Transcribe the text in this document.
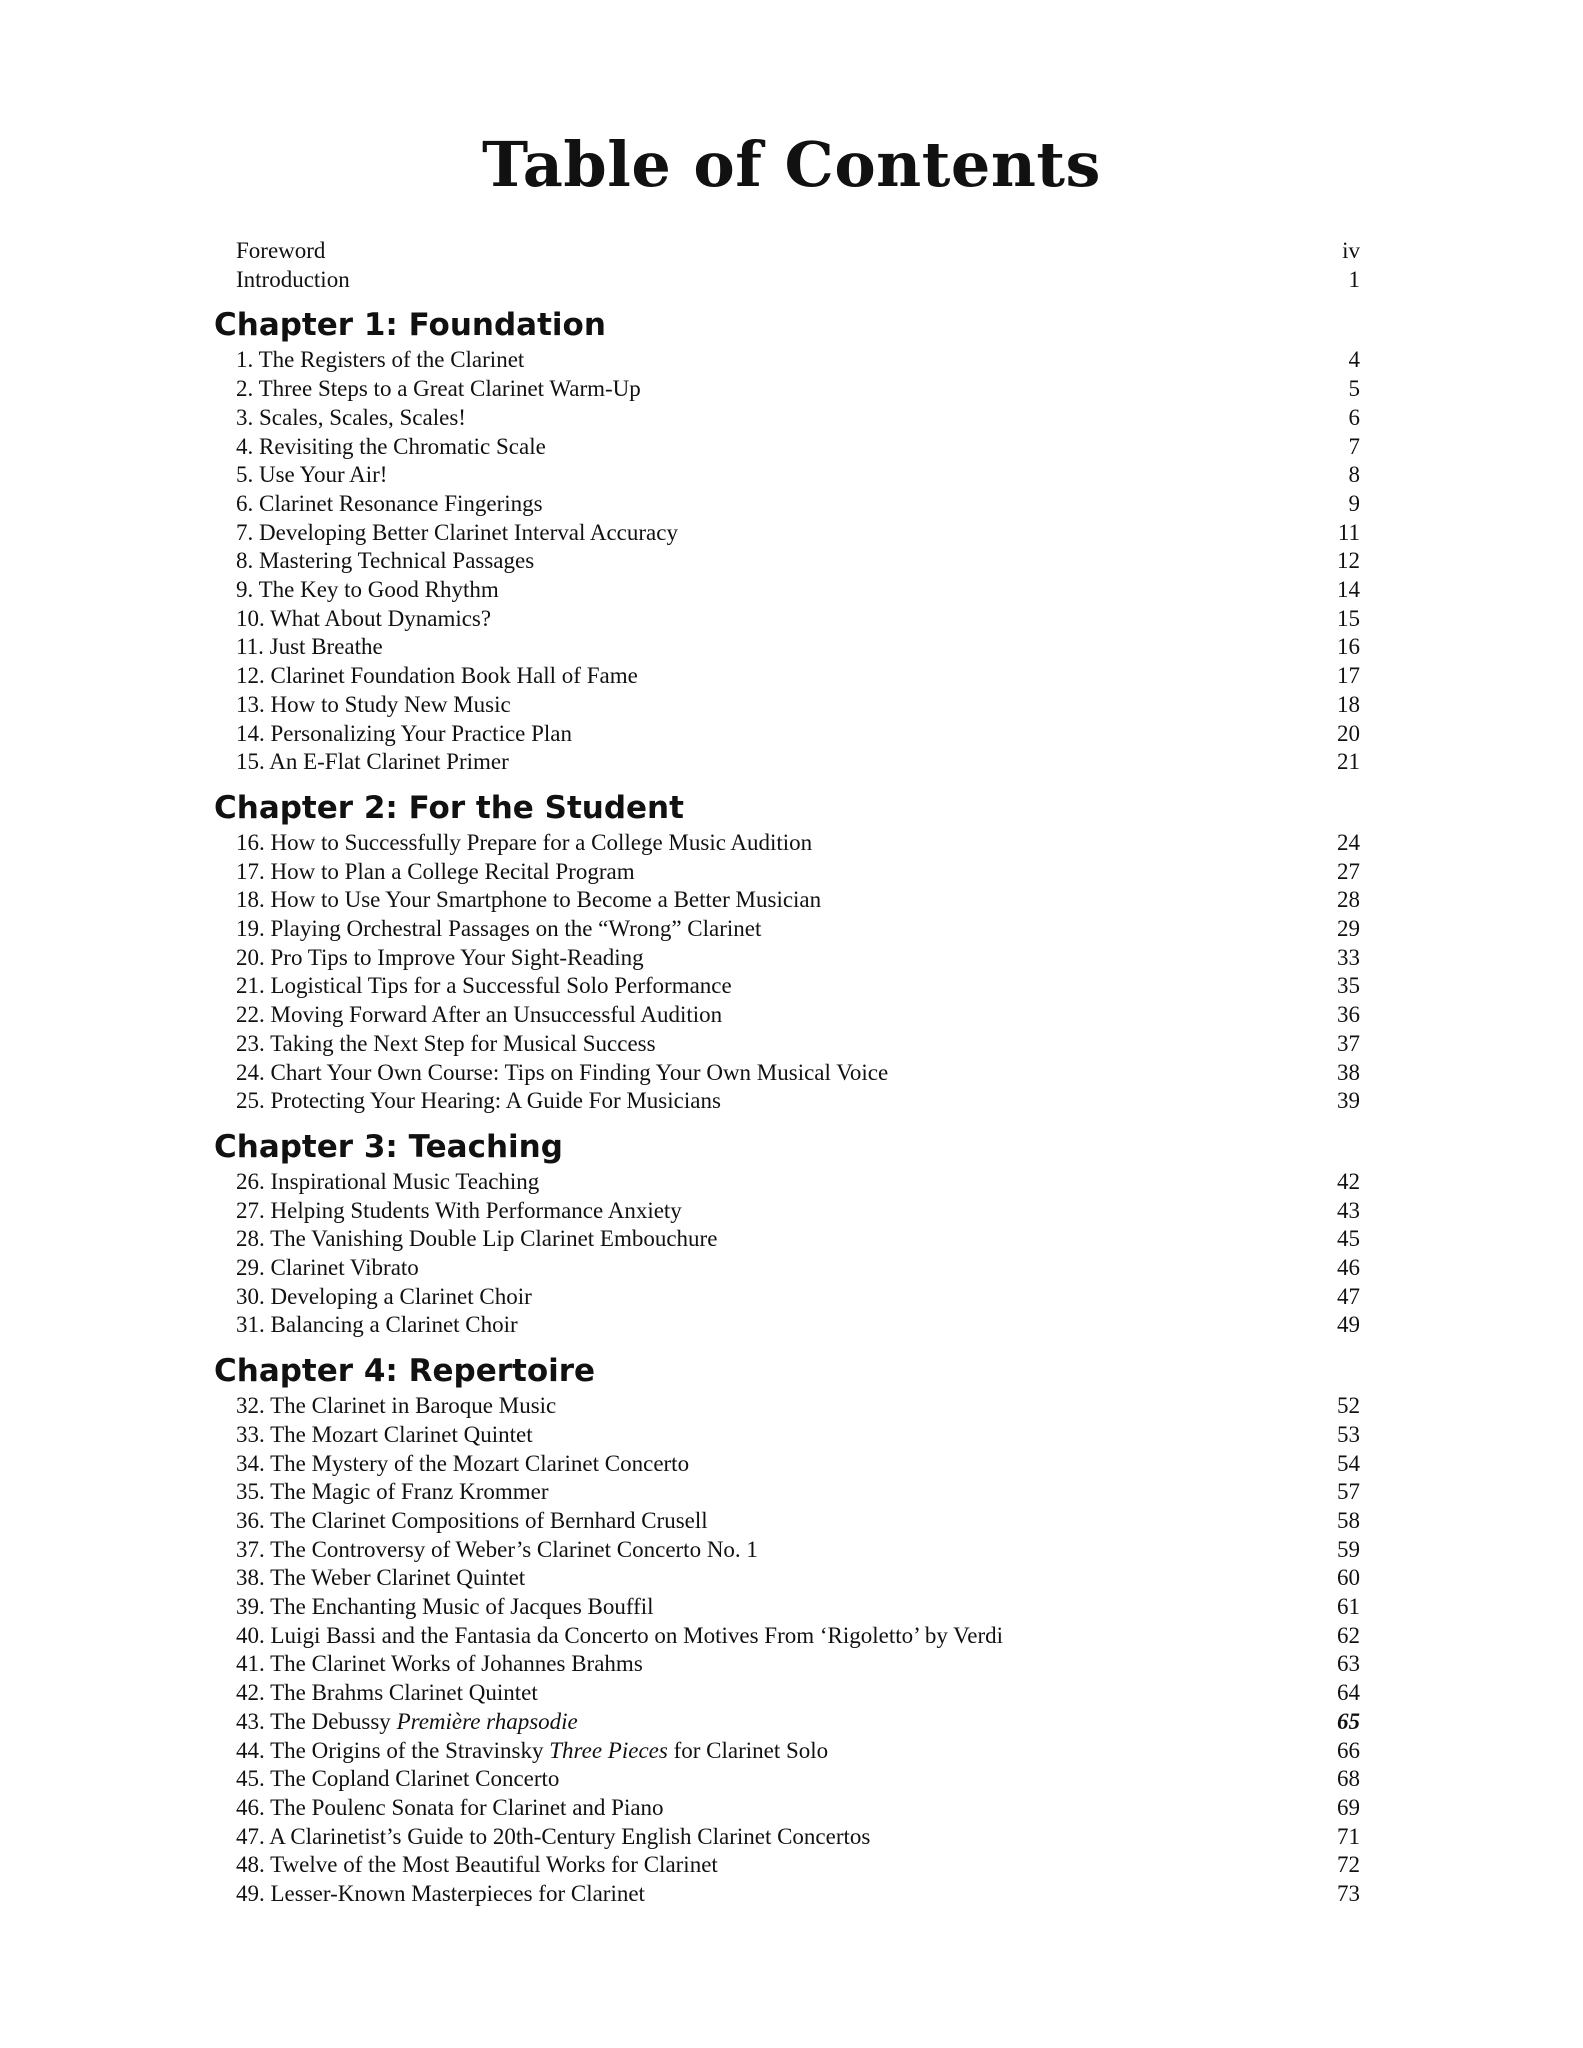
Table of Contents
Foreword	iv
Introduction	1
Chapter 1: Foundation
1. The Registers of the Clarinet	4
2. Three Steps to a Great Clarinet Warm-Up	5
3. Scales, Scales, Scales!	6
4. Revisiting the Chromatic Scale	7
5. Use Your Air!	8
6. Clarinet Resonance Fingerings	9
7. Developing Better Clarinet Interval Accuracy	11
8. Mastering Technical Passages	12
9. The Key to Good Rhythm	14
10. What About Dynamics?	15
11. Just Breathe	16
12. Clarinet Foundation Book Hall of Fame	17
13. How to Study New Music	18
14. Personalizing Your Practice Plan	20
15. An E-Flat Clarinet Primer	21
Chapter 2: For the Student
16. How to Successfully Prepare for a College Music Audition	24
17. How to Plan a College Recital Program	27
18. How to Use Your Smartphone to Become a Better Musician	28
19. Playing Orchestral Passages on the “Wrong” Clarinet	29
20. Pro Tips to Improve Your Sight-Reading	33
21. Logistical Tips for a Successful Solo Performance	35
22. Moving Forward After an Unsuccessful Audition	36
23. Taking the Next Step for Musical Success	37
24. Chart Your Own Course: Tips on Finding Your Own Musical Voice	38
25. Protecting Your Hearing: A Guide For Musicians	39
Chapter 3: Teaching
26. Inspirational Music Teaching	42
27. Helping Students With Performance Anxiety	43
28. The Vanishing Double Lip Clarinet Embouchure	45
29. Clarinet Vibrato	46
30. Developing a Clarinet Choir	47
31. Balancing a Clarinet Choir	49
Chapter 4: Repertoire
32. The Clarinet in Baroque Music	52
33. The Mozart Clarinet Quintet	53
34. The Mystery of the Mozart Clarinet Concerto	54
35. The Magic of Franz Krommer	57
36. The Clarinet Compositions of Bernhard Crusell	58
37. The Controversy of Weber’s Clarinet Concerto No. 1	59
38. The Weber Clarinet Quintet	60
39. The Enchanting Music of Jacques Bouffil	61
40. Luigi Bassi and the Fantasia da Concerto on Motives From ‘Rigoletto’ by Verdi	62
41. The Clarinet Works of Johannes Brahms	63
42. The Brahms Clarinet Quintet	64
43. The Debussy Première rhapsodie	65
44. The Origins of the Stravinsky Three Pieces for Clarinet Solo	66
45. The Copland Clarinet Concerto	68
46. The Poulenc Sonata for Clarinet and Piano	69
47. A Clarinetist’s Guide to 20th-Century English Clarinet Concertos	71
48. Twelve of the Most Beautiful Works for Clarinet	72
49. Lesser-Known Masterpieces for Clarinet	73
